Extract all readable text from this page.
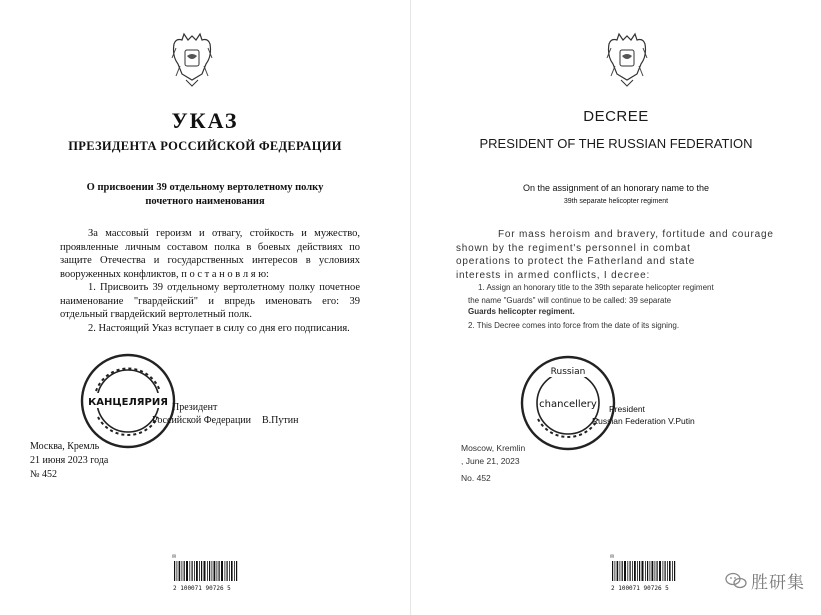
УКАЗ
ПРЕЗИДЕНТА РОССИЙСКОЙ ФЕДЕРАЦИИ
О присвоении 39 отдельному вертолетному полку
почетного наименования

За массовый героизм и отвагу, стойкость и мужество, проявленные личным составом полка в боевых действиях по защите Отечества и государственных интересов в условиях вооруженных конфликтов, п о с т а н о в л я ю:

1. Присвоить 39 отдельному вертолетному полку почетное наименование "гвардейский" и впредь именовать его: 39 отдельный гвардейский вертолетный полк.

2. Настоящий Указ вступает в силу со дня его подписания.

КАНЦЕЛЯРИЯ Президент
Российской Федерации В.Путин
Москва, Кремль
21 июня 2023 года
№ 452
✉
2 100071 90726 5
DECREE
PRESIDENT OF THE RUSSIAN FEDERATION
On the assignment of an honorary name to the
39th separate helicopter regiment
For mass heroism and bravery, fortitude and courage
shown by the regiment's personnel in combat
operations to protect the Fatherland and state
interests in armed conflicts, I decree:
1. Assign an honorary title to the 39th separate helicopter regiment
the name "Guards" will continue to be called: 39 separate
Guards helicopter regiment.
2. This Decree comes into force from the date of its signing.
Russian
chancellery President
Russian Federation V.Putin
Moscow, Kremlin
, June 21, 2023
No. 452
✉
2 100071 90726 5	胜研集
